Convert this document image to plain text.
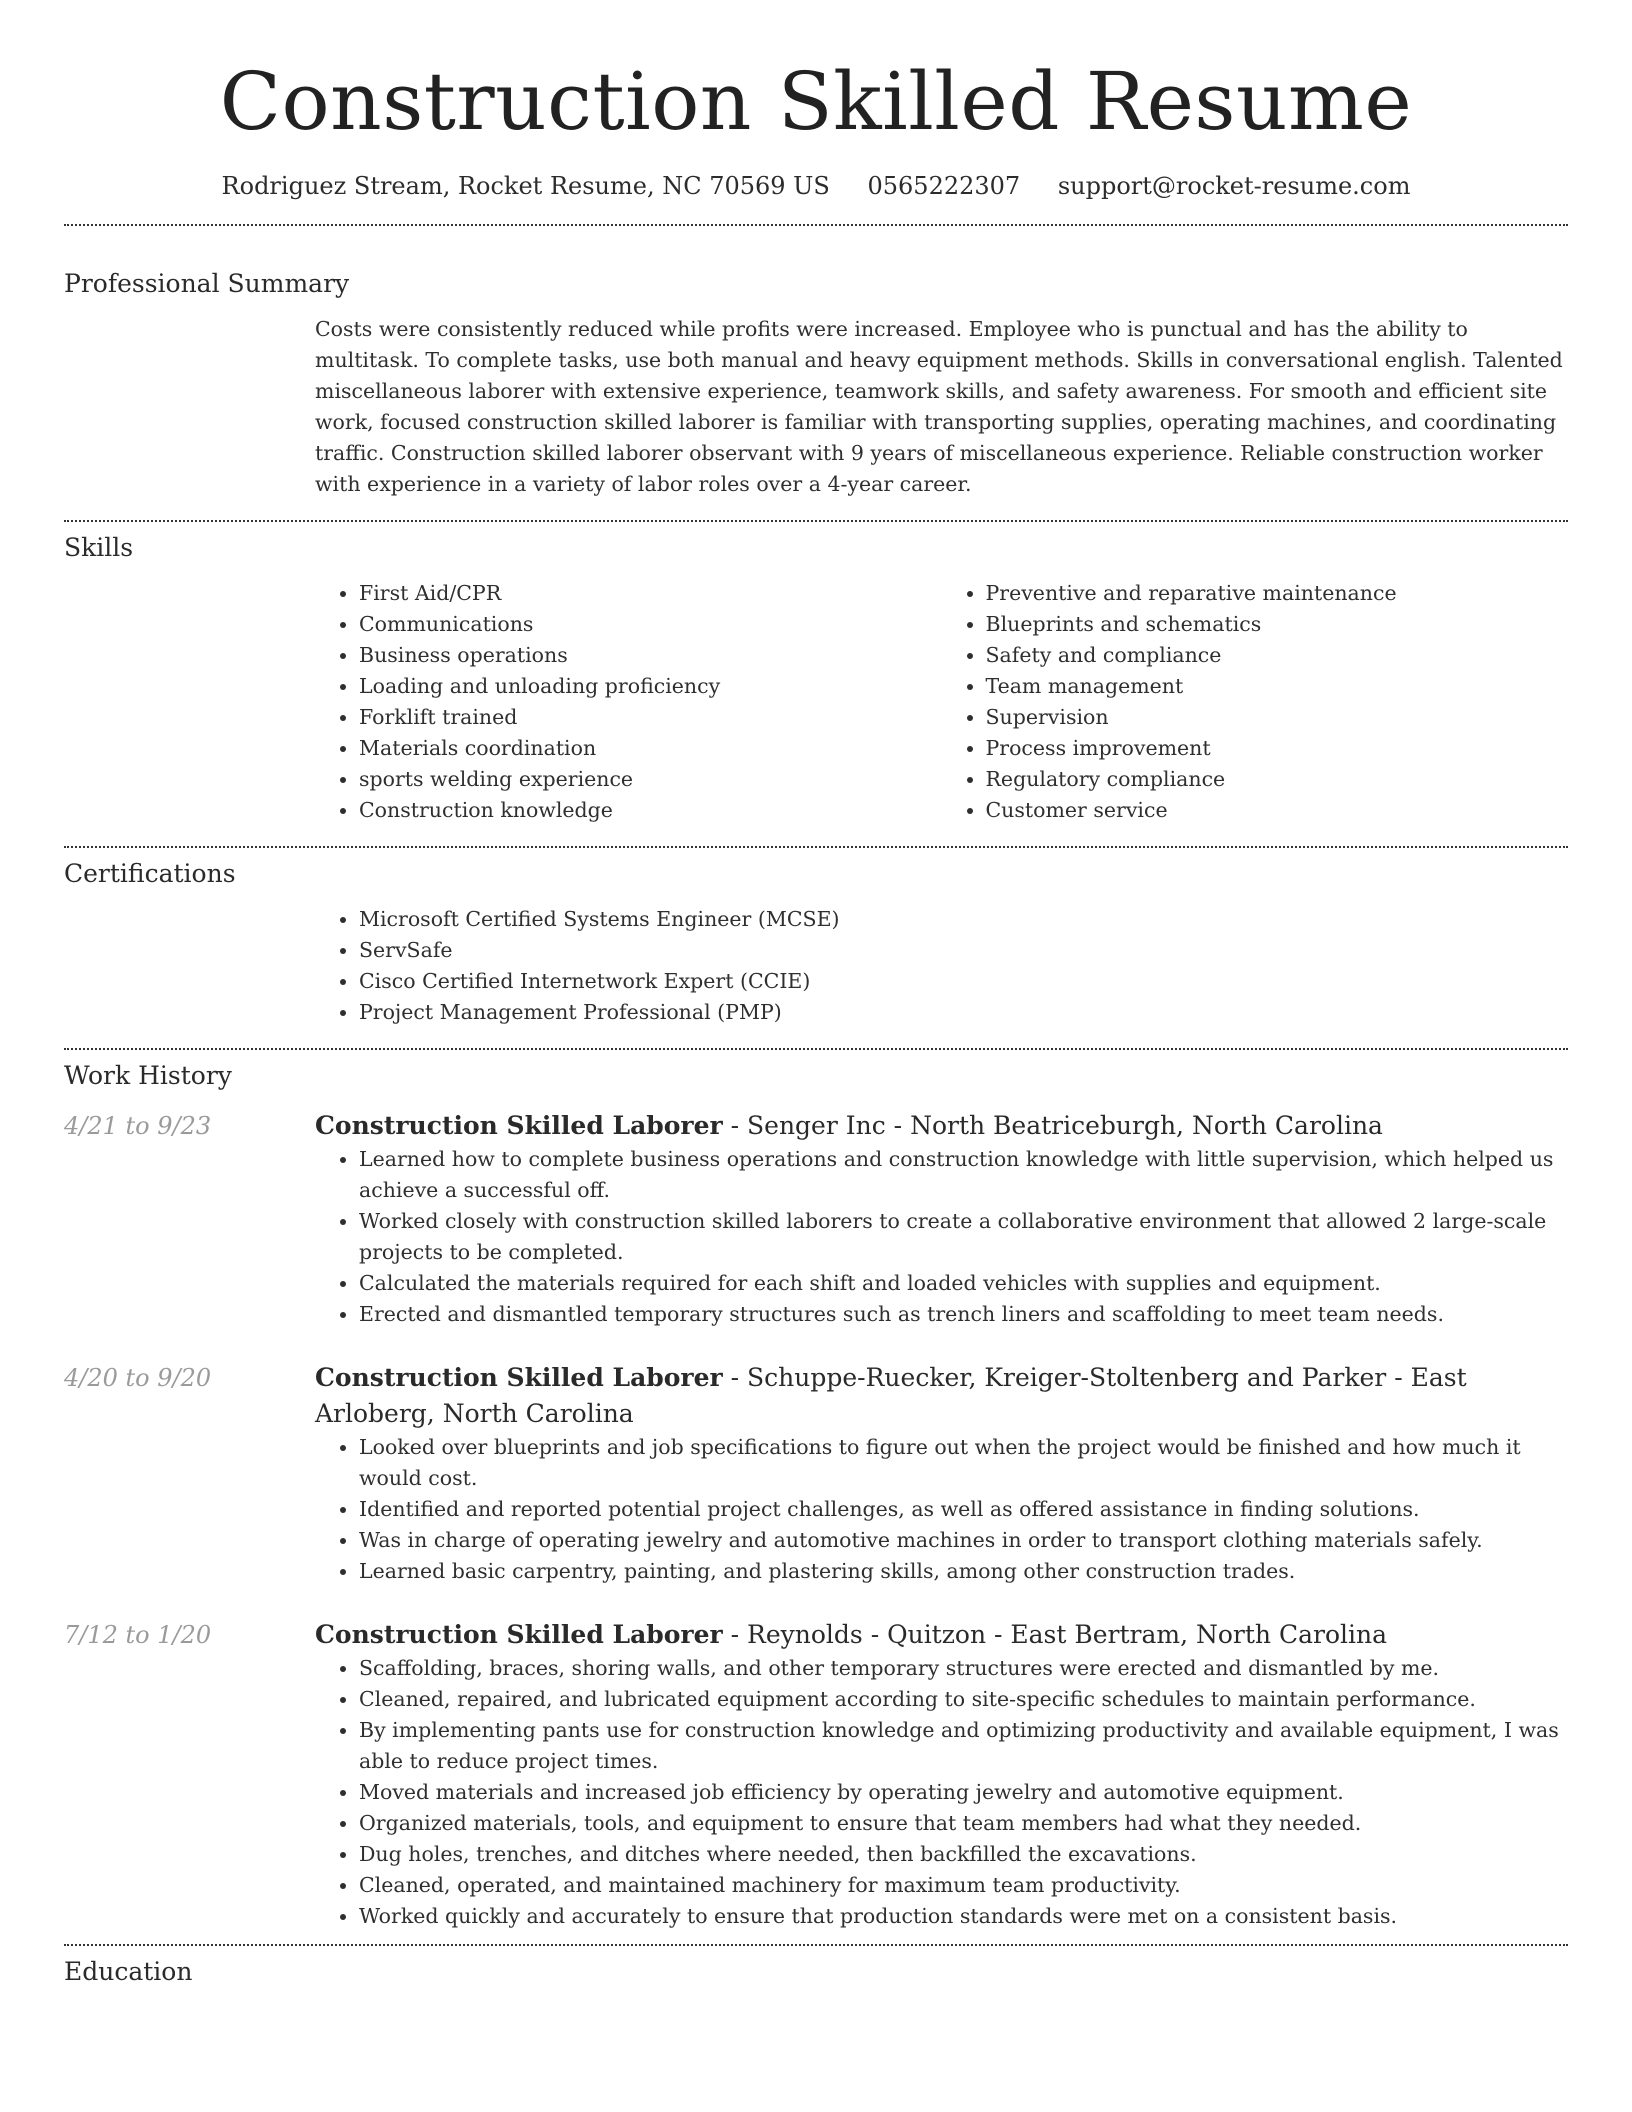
Construction Skilled Resume
Rodriguez Stream, Rocket Resume, NC 70569 US 0565222307 support@rocket-resume.com
Professional Summary
Costs were consistently reduced while profits were increased. Employee who is punctual and has the ability to multitask. To complete tasks, use both manual and heavy equipment methods. Skills in conversational english. Talented miscellaneous laborer with extensive experience, teamwork skills, and safety awareness. For smooth and efficient site work, focused construction skilled laborer is familiar with transporting supplies, operating machines, and coordinating traffic. Construction skilled laborer observant with 9 years of miscellaneous experience. Reliable construction worker with experience in a variety of labor roles over a 4-year career.
Skills
• First Aid/CPR
• Communications
• Business operations
• Loading and unloading proficiency
• Forklift trained
• Materials coordination
• sports welding experience
• Construction knowledge
• Preventive and reparative maintenance
• Blueprints and schematics
• Safety and compliance
• Team management
• Supervision
• Process improvement
• Regulatory compliance
• Customer service
Certifications
• Microsoft Certified Systems Engineer (MCSE)
• ServSafe
• Cisco Certified Internetwork Expert (CCIE)
• Project Management Professional (PMP)
Work History
4/21 to 9/23	Construction Skilled Laborer - Senger Inc - North Beatriceburgh, North Carolina
• Learned how to complete business operations and construction knowledge with little supervision, which helped us achieve a successful off.
• Worked closely with construction skilled laborers to create a collaborative environment that allowed 2 large-scale projects to be completed.
• Calculated the materials required for each shift and loaded vehicles with supplies and equipment.
• Erected and dismantled temporary structures such as trench liners and scaffolding to meet team needs.
4/20 to 9/20	Construction Skilled Laborer - Schuppe-Ruecker, Kreiger-Stoltenberg and Parker - East Arloberg, North Carolina
• Looked over blueprints and job specifications to figure out when the project would be finished and how much it would cost.
• Identified and reported potential project challenges, as well as offered assistance in finding solutions.
• Was in charge of operating jewelry and automotive machines in order to transport clothing materials safely.
• Learned basic carpentry, painting, and plastering skills, among other construction trades.
7/12 to 1/20	Construction Skilled Laborer - Reynolds - Quitzon - East Bertram, North Carolina
• Scaffolding, braces, shoring walls, and other temporary structures were erected and dismantled by me.
• Cleaned, repaired, and lubricated equipment according to site-specific schedules to maintain performance.
• By implementing pants use for construction knowledge and optimizing productivity and available equipment, I was able to reduce project times.
• Moved materials and increased job efficiency by operating jewelry and automotive equipment.
• Organized materials, tools, and equipment to ensure that team members had what they needed.
• Dug holes, trenches, and ditches where needed, then backfilled the excavations.
• Cleaned, operated, and maintained machinery for maximum team productivity.
• Worked quickly and accurately to ensure that production standards were met on a consistent basis.
Education
